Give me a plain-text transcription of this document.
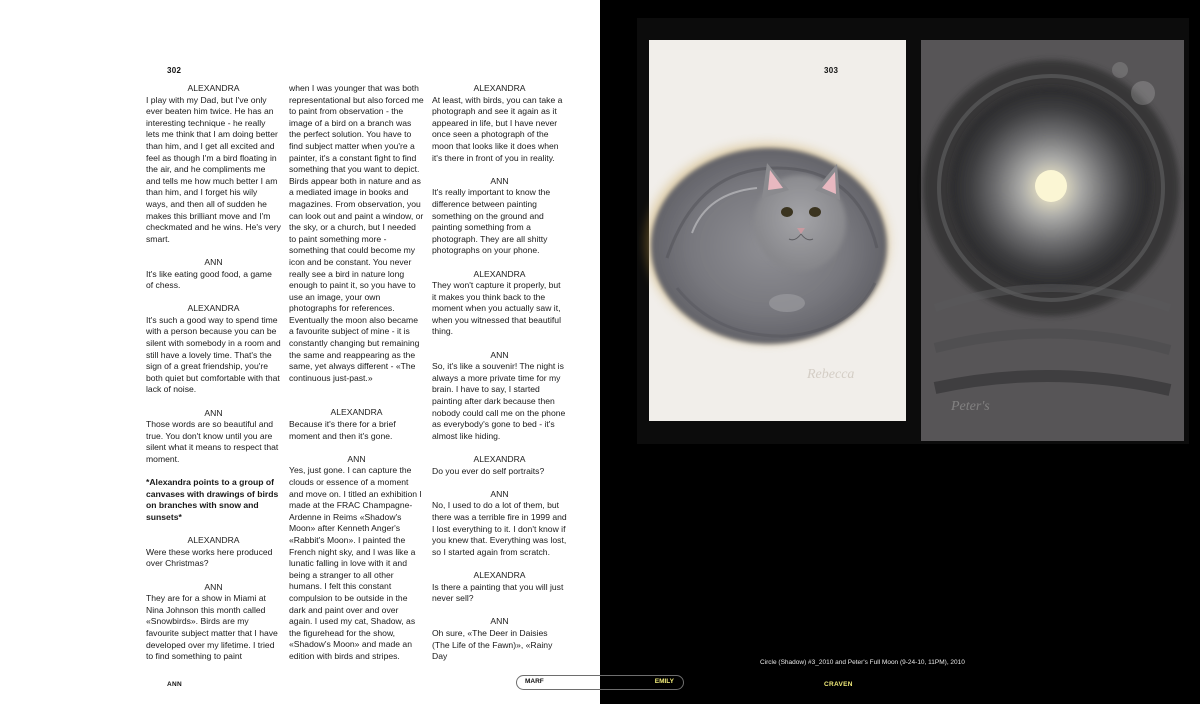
302

ALEXANDRA

I play with my Dad, but I've only ever beaten him twice. He has an interesting technique - he really lets me think that I am doing better than him, and I get all excited and feel as though I'm a bird floating in the air, and he compliments me and tells me how much better I am than him, and I forget his wily ways, and then all of sudden he makes this brilliant move and I'm checkmated and he wins. He's very smart.

ANN

It's like eating good food, a game of chess.

ALEXANDRA

It's such a good way to spend time with a person because you can be silent with somebody in a room and still have a lovely time. That's the sign of a great friendship, you're both quiet but comfortable with that lack of noise.

ANN

Those words are so beautiful and true. You don't know until you are silent what it means to respect that moment.

*Alexandra points to a group of canvases with drawings of birds on branches with snow and sunsets*

ALEXANDRA

Were these works here produced over Christmas?

ANN

They are for a show in Miami at Nina Johnson this month called «Snowbirds». Birds are my favourite subject matter that I have developed over my lifetime. I tried to find something to paint

when I was younger that was both representational but also forced me to paint from observation - the image of a bird on a branch was the perfect solution. You have to find subject matter when you're a painter, it's a constant fight to find something that you want to depict. Birds appear both in nature and as a mediated image in books and magazines. From observation, you can look out and paint a window, or the sky, or a church, but I needed to paint something more - something that could become my icon and be constant. You never really see a bird in nature long enough to paint it, so you have to use an image, your own photographs for references. Eventually the moon also became a favourite subject of mine - it is constantly changing but remaining the same and reappearing as the same, yet always different - «The continuous just-past.»

ALEXANDRA

Because it's there for a brief moment and then it's gone.

ANN

Yes, just gone. I can capture the clouds or essence of a moment and move on. I titled an exhibition I made at the FRAC Champagne-Ardenne in Reims «Shadow's Moon» after Kenneth Anger's «Rabbit's Moon». I painted the French night sky, and I was like a lunatic falling in love with it and being a stranger to all other humans. I felt this constant compulsion to be outside in the dark and paint over and over again. I used my cat, Shadow, as the figurehead for the show, «Shadow's Moon» and made an edition with birds and stripes.

ALEXANDRA

At least, with birds, you can take a photograph and see it again as it appeared in life, but I have never once seen a photograph of the moon that looks like it does when it's there in front of you in reality.

ANN

It's really important to know the difference between painting something on the ground and painting something from a photograph. They are all shitty photographs on your phone.

ALEXANDRA

They won't capture it properly, but it makes you think back to the moment when you actually saw it, when you witnessed that beautiful thing.

ANN

So, it's like a souvenir! The night is always a more private time for my brain. I have to say, I started painting after dark because then nobody could call me on the phone as everybody's gone to bed - it's almost like hiding.

ALEXANDRA

Do you ever do self portraits?

ANN

No, I used to do a lot of them, but there was a terrible fire in 1999 and I lost everything to it. I don't know if you knew that. Everything was lost, so I started again from scratch.

ALEXANDRA

Is there a painting that you will just never sell?

ANN

Oh sure, «The Deer in Daisies (The Life of the Fawn)», «Rainy Day

ANN
Rebecca
Peter's
303
Circle (Shadow) #3_2010 and Peter's Full Moon (9-24-10, 11PM), 2010
CRAVEN
MARF	EMILY
